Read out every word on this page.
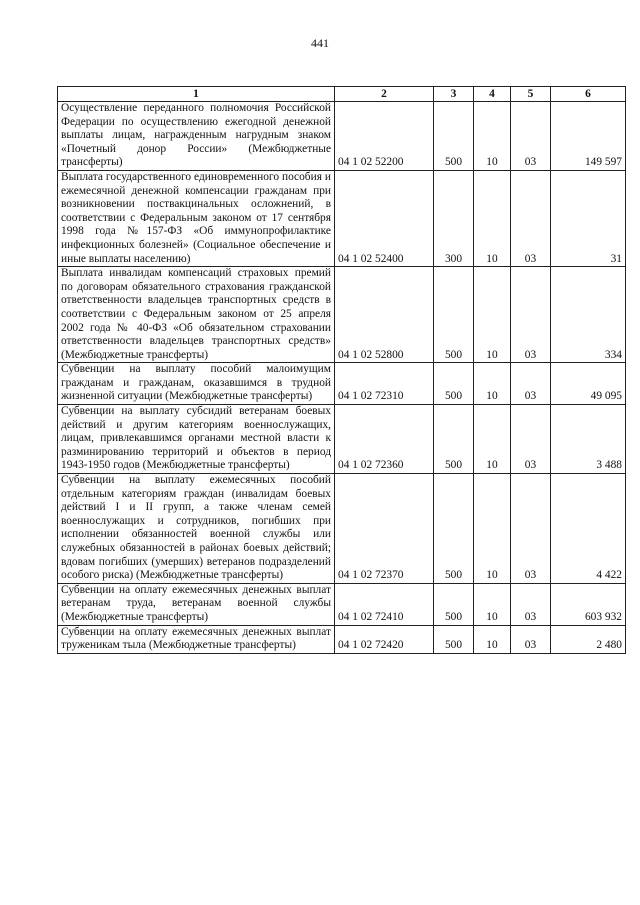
441
1	2	3	4	5	6
Осуществление переданного полномочия Российской Федерации по осуществлению ежегодной денежной выплаты лицам, награжденным нагрудным знаком «Почетный донор России» (Межбюджетные трансферты)	04 1 02 52200	500	10	03	149 597
Выплата государственного единовременного пособия и ежемесячной денежной компенсации гражданам при возникновении поствакцинальных осложнений, в соответствии с Федеральным законом от 17 сентября 1998 года №157-ФЗ «Об иммунопрофилактике инфекционных болезней» (Социальное обеспечение и иные выплаты населению)	04 1 02 52400	300	10	03	31
Выплата инвалидам компенсаций страховых премий по договорам обязательного страхования гражданской ответственности владельцев транспортных средств в соответствии с Федеральным законом от 25 апреля 2002 года № 40-ФЗ «Об обязательном страховании ответственности владельцев транспортных средств» (Межбюджетные трансферты)	04 1 02 52800	500	10	03	334
Субвенции на выплату пособий малоимущим гражданам и гражданам, оказавшимся в трудной жизненной ситуации (Межбюджетные трансферты)	04 1 02 72310	500	10	03	49 095
Субвенции на выплату субсидий ветеранам боевых действий и другим категориям военнослужащих, лицам, привлекавшимся органами местной власти к разминированию территорий и объектов в период 1943-1950 годов (Межбюджетные трансферты)	04 1 02 72360	500	10	03	3 488
Субвенции на выплату ежемесячных пособий отдельным категориям граждан (инвалидам боевых действий I и II групп, а также членам семей военнослужащих и сотрудников, погибших при исполнении обязанностей военной службы или служебных обязанностей в районах боевых действий; вдовам погибших (умерших) ветеранов подразделений особого риска) (Межбюджетные трансферты)	04 1 02 72370	500	10	03	4 422
Субвенции на оплату ежемесячных денежных выплат ветеранам труда, ветеранам военной службы (Межбюджетные трансферты)	04 1 02 72410	500	10	03	603 932
Субвенции на оплату ежемесячных денежных выплат труженикам тыла (Межбюджетные трансферты)	04 1 02 72420	500	10	03	2 480
